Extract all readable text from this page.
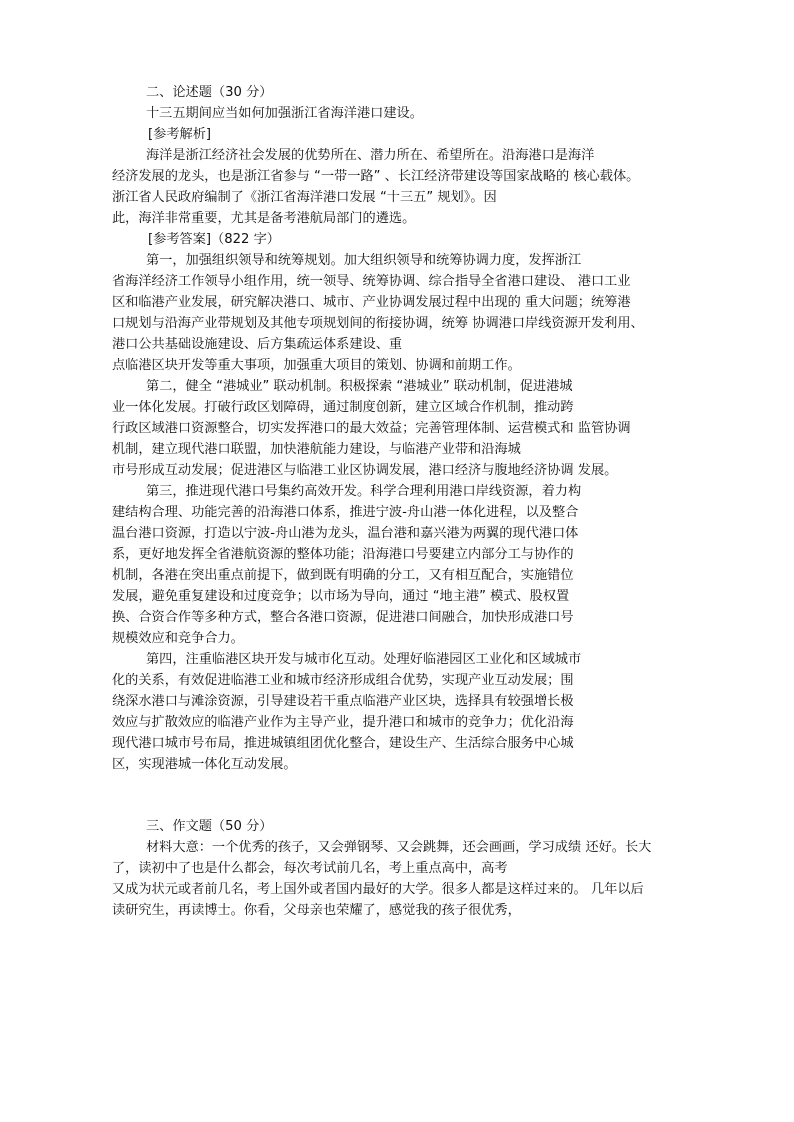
二、论述题（30 分）
十三五期间应当如何加强浙江省海洋港口建设。
[参考解析]
海洋是浙江经济社会发展的优势所在、潜力所在、希望所在。沿海港口是海洋
经济发展的龙头，也是浙江省参与 “一带一路” 、长江经济带建设等国家战略的 核心载体。
浙江省人民政府编制了《浙江省海洋港口发展 “十三五” 规划》。因
此，海洋非常重要，尤其是备考港航局部门的遴选。
[参考答案]（822 字）
第一，加强组织领导和统筹规划。加大组织领导和统筹协调力度，发挥浙江
省海洋经济工作领导小组作用，统一领导、统筹协调、综合指导全省港口建设、 港口工业
区和临港产业发展，研究解决港口、城市、产业协调发展过程中出现的 重大问题；统筹港
口规划与沿海产业带规划及其他专项规划间的衔接协调，统筹 协调港口岸线资源开发利用、
港口公共基础设施建设、后方集疏运体系建设、重
点临港区块开发等重大事项，加强重大项目的策划、协调和前期工作。
第二，健全 “港城业” 联动机制。积极探索 “港城业” 联动机制，促进港城
业一体化发展。打破行政区划障碍，通过制度创新，建立区域合作机制，推动跨
行政区域港口资源整合，切实发挥港口的最大效益；完善管理体制、运营模式和 监管协调
机制，建立现代港口联盟，加快港航能力建设，与临港产业带和沿海城
市号形成互动发展；促进港区与临港工业区协调发展，港口经济与腹地经济协调 发展。
第三，推进现代港口号集约高效开发。科学合理利用港口岸线资源，着力构
建结构合理、功能完善的沿海港口体系，推进宁波-舟山港一体化进程，以及整合
温台港口资源，打造以宁波-舟山港为龙头，温台港和嘉兴港为两翼的现代港口体
系，更好地发挥全省港航资源的整体功能；沿海港口号要建立内部分工与协作的
机制，各港在突出重点前提下，做到既有明确的分工，又有相互配合，实施错位
发展，避免重复建设和过度竞争；以市场为导向，通过 “地主港” 模式、股权置
换、合资合作等多种方式，整合各港口资源，促进港口间融合，加快形成港口号
规模效应和竞争合力。
第四，注重临港区块开发与城市化互动。处理好临港园区工业化和区域城市
化的关系，有效促进临港工业和城市经济形成组合优势，实现产业互动发展；围
绕深水港口与滩涂资源，引导建设若干重点临港产业区块，选择具有较强增长极
效应与扩散效应的临港产业作为主导产业，提升港口和城市的竞争力；优化沿海
现代港口城市号布局，推进城镇组团优化整合，建设生产、生活综合服务中心城
区，实现港城一体化互动发展。
三、作文题（50 分）
材料大意：一个优秀的孩子，又会弹钢琴、又会跳舞，还会画画，学习成绩 还好。长大
了，读初中了也是什么都会，每次考试前几名，考上重点高中，高考
又成为状元或者前几名，考上国外或者国内最好的大学。很多人都是这样过来的。 几年以后
读研究生，再读博士。你看，父母亲也荣耀了，感觉我的孩子很优秀，
